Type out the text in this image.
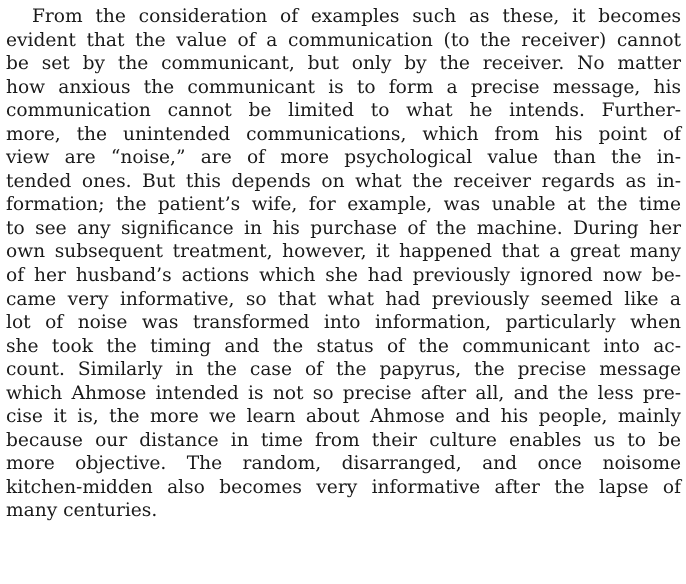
From the consideration of examples such as these, it becomes
evident that the value of a communication (to the receiver) cannot
be set by the communicant, but only by the receiver. No matter
how anxious the communicant is to form a precise message, his
communication cannot be limited to what he intends. Further-
more, the unintended communications, which from his point of
view are “noise,” are of more psychological value than the in-
tended ones. But this depends on what the receiver regards as in-
formation; the patient’s wife, for example, was unable at the time
to see any significance in his purchase of the machine. During her
own subsequent treatment, however, it happened that a great many
of her husband’s actions which she had previously ignored now be-
came very informative, so that what had previously seemed like a
lot of noise was transformed into information, particularly when
she took the timing and the status of the communicant into ac-
count. Similarly in the case of the papyrus, the precise message
which Ahmose intended is not so precise after all, and the less pre-
cise it is, the more we learn about Ahmose and his people, mainly
because our distance in time from their culture enables us to be
more objective. The random, disarranged, and once noisome
kitchen-midden also becomes very informative after the lapse of
many centuries.
